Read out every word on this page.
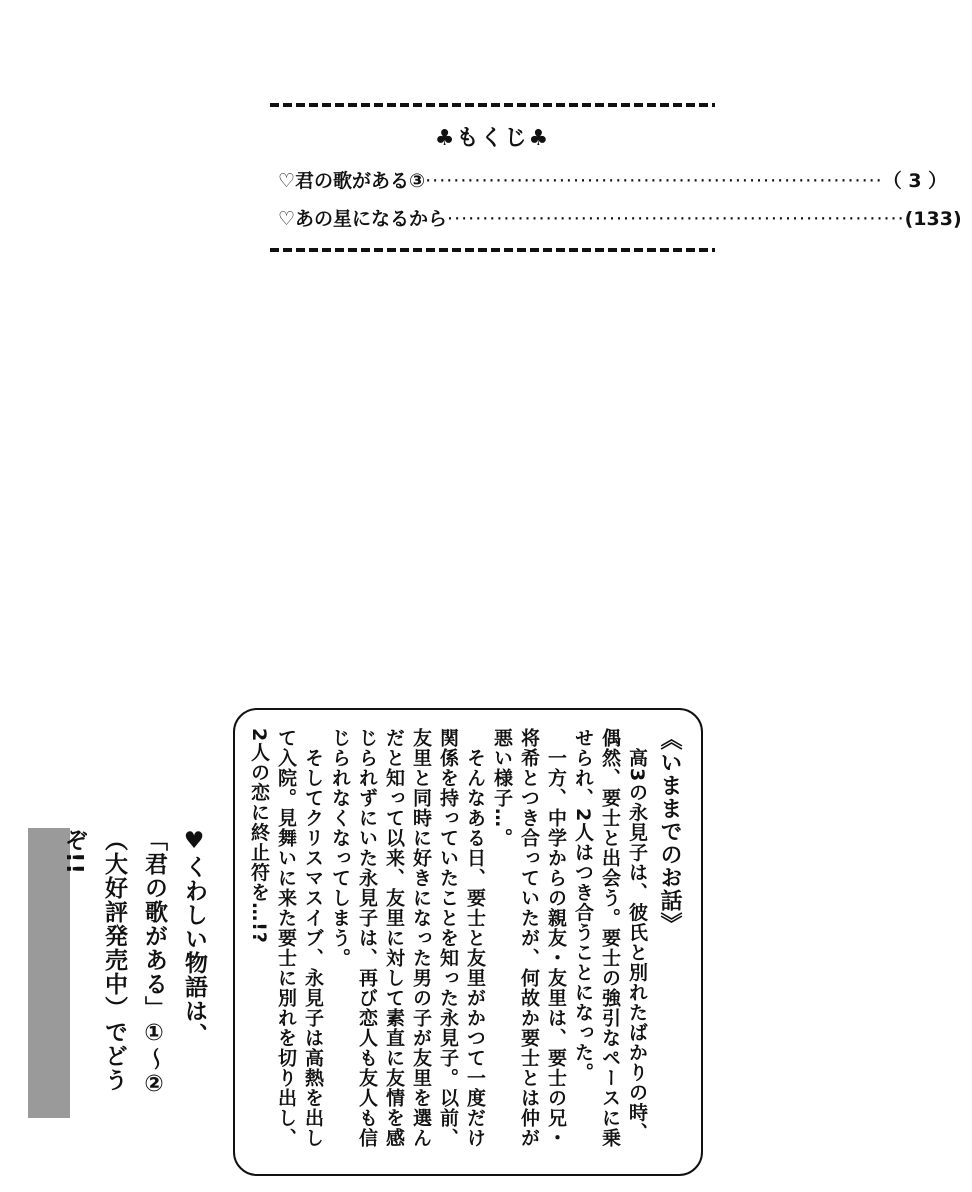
♣もくじ♣
♡君の歌がある③ ································································· （ 3 ）
♡あの星になるから ································································· (133)

《いままでのお話》

　高3の永見子は、彼氏と別れたばかりの時、偶然、要士と出会う。要士の強引なペースに乗せられ、2人はつき合うことになった。

　一方、中学からの親友・友里は、要士の兄・将希とつき合っていたが、何故か要士とは仲が悪い様子…。

　そんなある日、要士と友里がかつて一度だけ関係を持っていたことを知った永見子。以前、友里と同時に好きになった男の子が友里を選んだと知って以来、友里に対して素直に友情を感じられずにいた永見子は、再び恋人も友人も信じられなくなってしまう。

　そしてクリスマスイブ、永見子は高熱を出して入院。見舞いに来た要士に別れを切り出し、2人の恋に終止符を…!?

♥くわしい物語は、

「君の歌がある」①～②

（大好評発売中）でどうぞ!!
